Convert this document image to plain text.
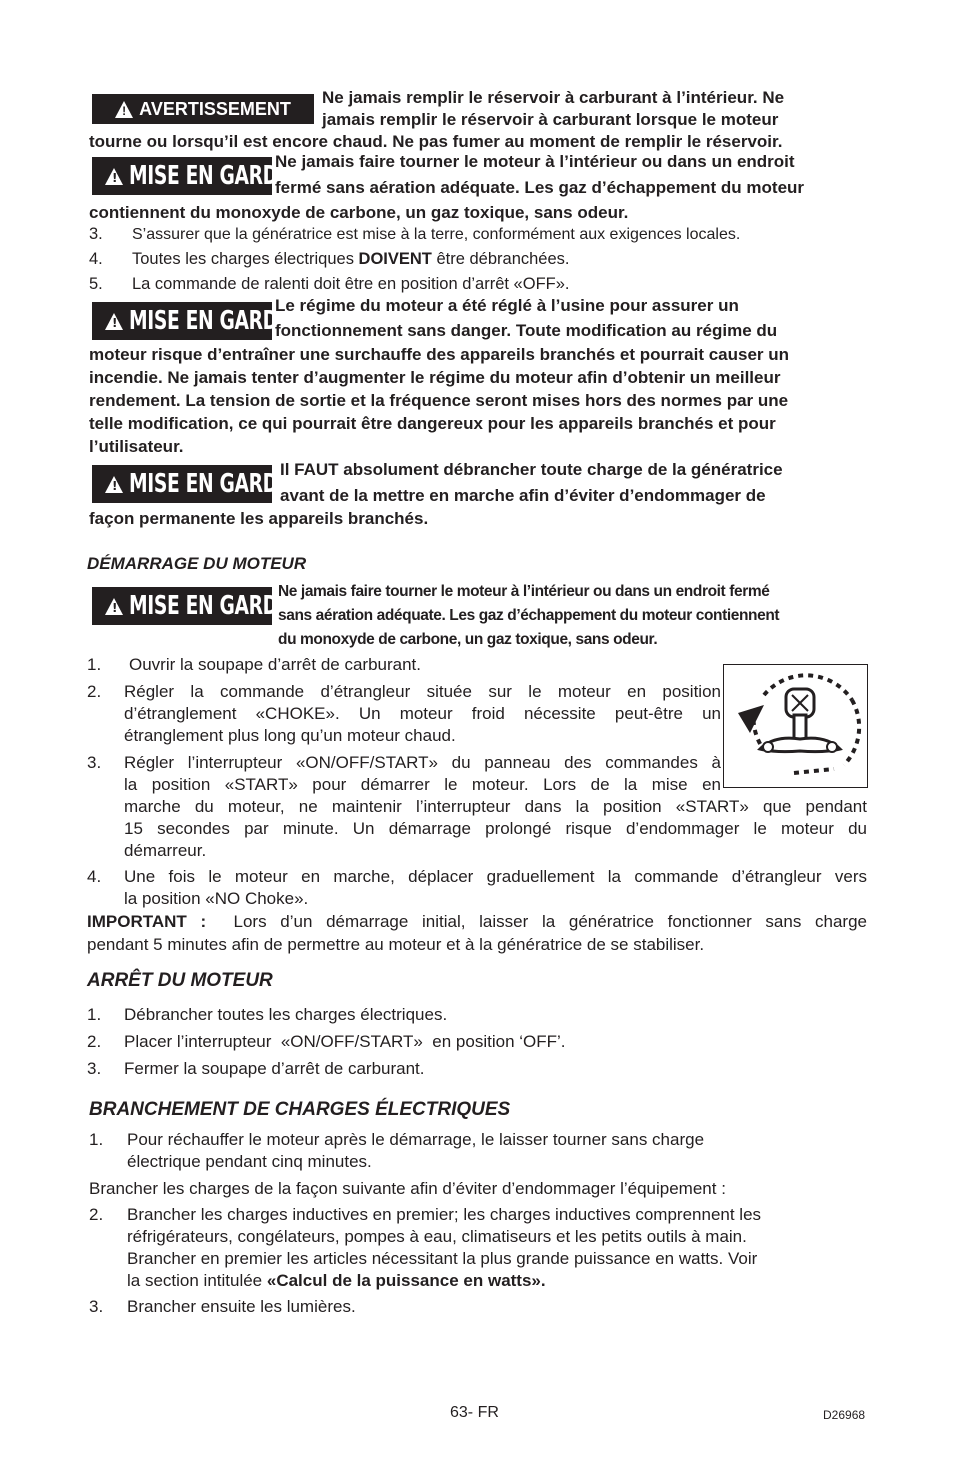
! AVERTISSEMENT
Ne jamais remplir le réservoir à carburant à l’intérieur. Ne
jamais remplir le réservoir à carburant lorsque le moteur
tourne ou lorsqu’il est encore chaud. Ne pas fumer au moment de remplir le réservoir.
! MISE EN GARDE
Ne jamais faire tourner le moteur à l’intérieur ou dans un endroit
fermé sans aération adéquate. Les gaz d’échappement du moteur
contiennent du monoxyde de carbone, un gaz toxique, sans odeur.
3. S’assurer que la génératrice est mise à la terre, conformément aux exigences locales.
4. Toutes les charges électriques DOIVENT être débranchées.
5. La commande de ralenti doit être en position d’arrêt «OFF».
! MISE EN GARDE
Le régime du moteur a été réglé à l’usine pour assurer un
fonctionnement sans danger. Toute modification au régime du
moteur risque d’entraîner une surchauffe des appareils branchés et pourrait causer un
incendie. Ne jamais tenter d’augmenter le régime du moteur afin d’obtenir un meilleur
rendement. La tension de sortie et la fréquence seront mises hors des normes par une
telle modification, ce qui pourrait être dangereux pour les appareils branchés et pour
l’utilisateur.
! MISE EN GARDE
Il FAUT absolument débrancher toute charge de la génératrice
avant de la mettre en marche afin d’éviter d’endommager de
façon permanente les appareils branchés.
DÉMARRAGE DU MOTEUR
! MISE EN GARDE
Ne jamais faire tourner le moteur à l’intérieur ou dans un endroit fermé
sans aération adéquate. Les gaz d’échappement du moteur contiennent
du monoxyde de carbone, un gaz toxique, sans odeur.
1. Ouvrir la soupape d’arrêt de carburant.
2. Régler la commande d’étrangleur située sur le moteur en position
d’étranglement «CHOKE». Un moteur froid nécessite peut-être un
étranglement plus long qu’un moteur chaud.
3. Régler l’interrupteur «ON/OFF/START» du panneau des commandes à
la position «START» pour démarrer le moteur. Lors de la mise en
marche du moteur, ne maintenir l’interrupteur dans la position «START» que pendant
15 secondes par minute. Un démarrage prolongé risque d’endommager le moteur du
démarreur.
4. Une fois le moteur en marche, déplacer graduellement la commande d’étrangleur vers
la position «NO Choke».
IMPORTANT : Lors d’un démarrage initial, laisser la génératrice fonctionner sans charge
pendant 5 minutes afin de permettre au moteur et à la génératrice de se stabiliser.
ARRÊT DU MOTEUR
1. Débrancher toutes les charges électriques.
2. Placer l’interrupteur  «ON/OFF/START»  en position ‘OFF’.
3. Fermer la soupape d’arrêt de carburant.
BRANCHEMENT DE CHARGES ÉLECTRIQUES
1. Pour réchauffer le moteur après le démarrage, le laisser tourner sans charge
électrique pendant cinq minutes.
Brancher les charges de la façon suivante afin d’éviter d’endommager l’équipement :
2. Brancher les charges inductives en premier; les charges inductives comprennent les
réfrigérateurs, congélateurs, pompes à eau, climatiseurs et les petits outils à main.
Brancher en premier les articles nécessitant la plus grande puissance en watts. Voir
la section intitulée «Calcul de la puissance en watts».
3. Brancher ensuite les lumières.
63- FR	D26968
